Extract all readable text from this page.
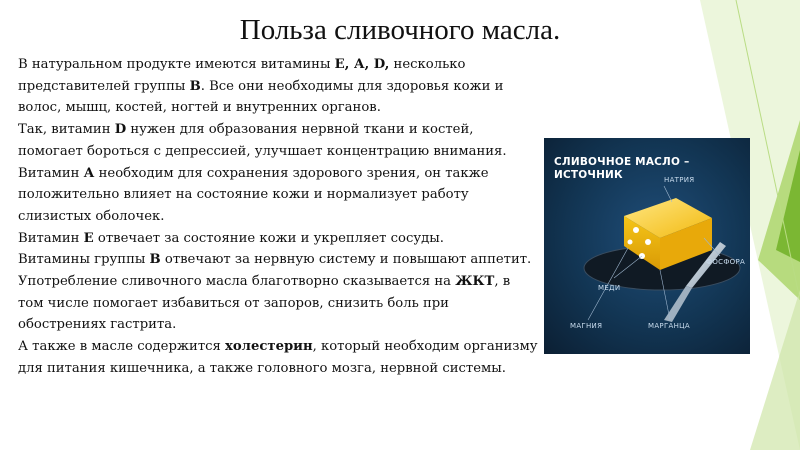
Польза сливочного масла.

В натуральном продукте имеются витамины Е, А, D, несколько представителей группы В. Все они необходимы для здоровья кожи и волос, мышц, костей, ногтей и внутренних органов.

Так, витамин D нужен для образования нервной ткани и костей, помогает бороться с депрессией, улучшает концентрацию внимания.

Витамин А необходим для сохранения здорового зрения, он также положительно влияет на состояние кожи и нормализует работу слизистых оболочек.

Витамин Е отвечает за состояние кожи и укрепляет сосуды.

Витамины группы В отвечают за нервную систему и повышают аппетит.

Употребление сливочного масла благотворно сказывается на ЖКТ, в том числе помогает избавиться от запоров, снизить боль при обострениях гастрита.

А также в масле содержится холестерин, который необходим организму для питания кишечника, а также головного мозга, нервной системы.

СЛИВОЧНОЕ МАСЛО – ИСТОЧНИК	НАТРИЯ
ФОСФОРА
МЕДИ
МАГНИЯ	МАРГАНЦА
